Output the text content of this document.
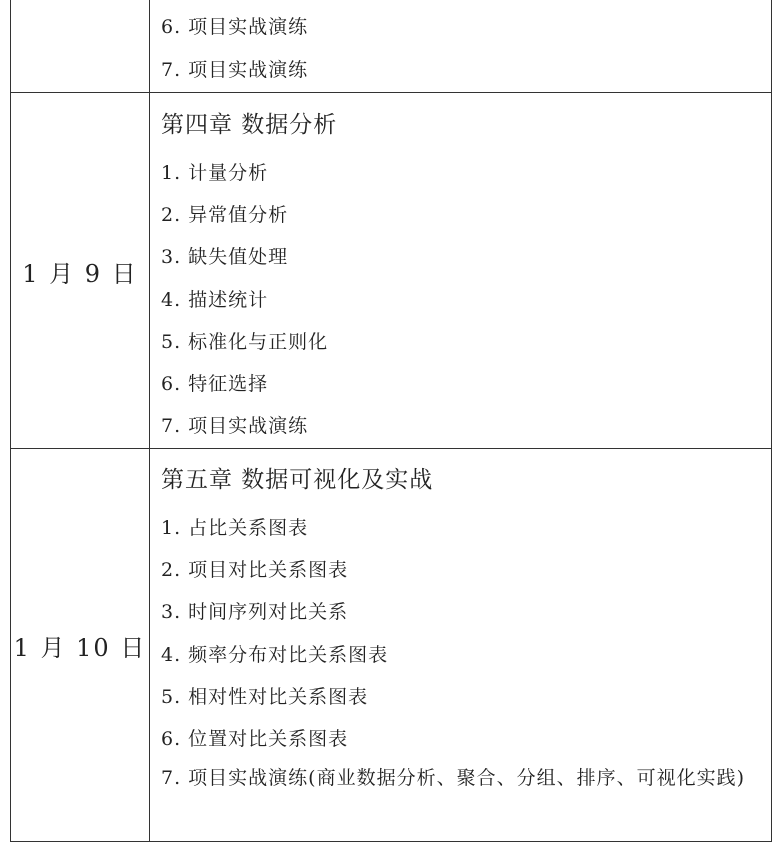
6. 项目实战演练
7. 项目实战演练
1 月 9 日
第四章 数据分析
1. 计量分析
2. 异常值分析
3. 缺失值处理
4. 描述统计
5. 标准化与正则化
6. 特征选择
7. 项目实战演练
1 月 10 日
第五章 数据可视化及实战
1. 占比关系图表
2. 项目对比关系图表
3. 时间序列对比关系
4. 频率分布对比关系图表
5. 相对性对比关系图表
6. 位置对比关系图表
7. 项目实战演练(商业数据分析、聚合、分组、排序、可视化实践)
